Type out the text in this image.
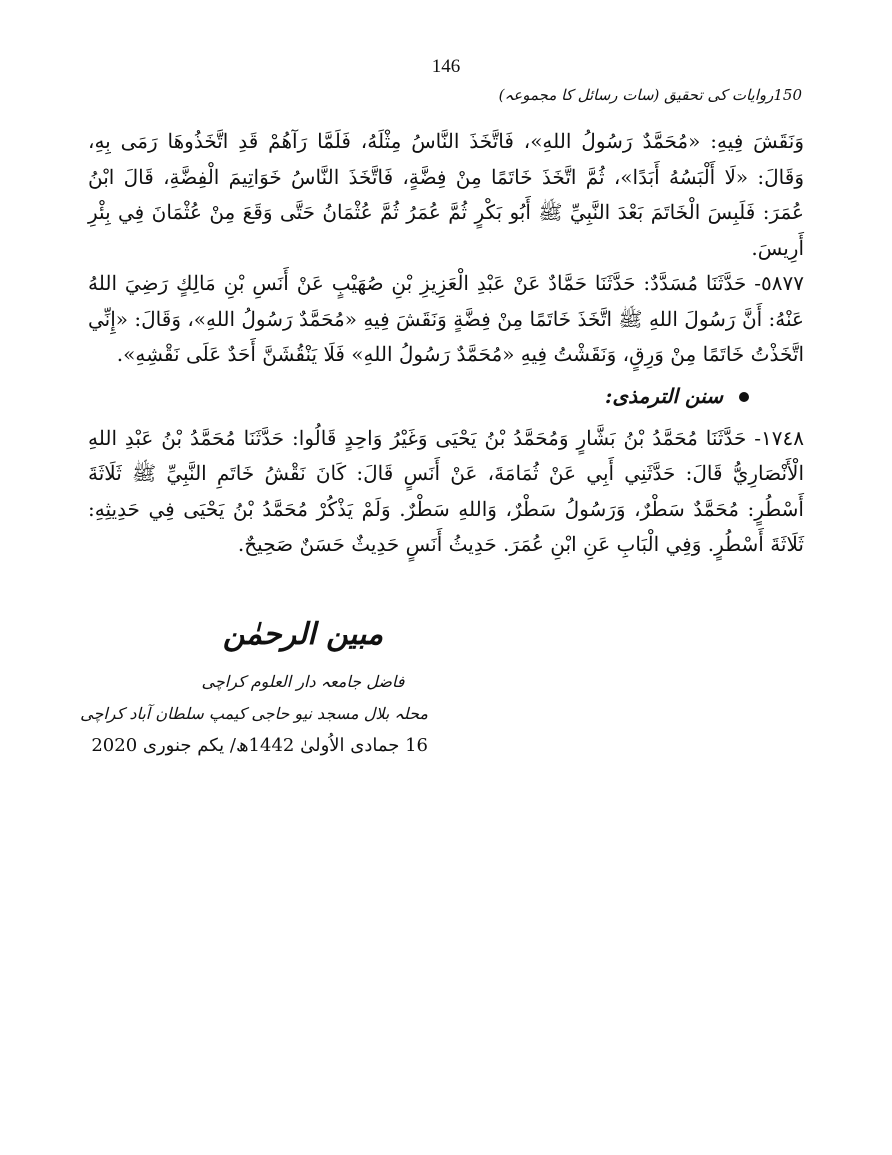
146
150روایات کی تحقیق (سات رسائل کا مجموعہ)

وَنَقَشَ فِيهِ: «مُحَمَّدٌ رَسُولُ اللهِ»، فَاتَّخَذَ النَّاسُ مِثْلَهُ، فَلَمَّا رَآهُمْ قَدِ اتَّخَذُوهَا رَمَى بِهِ، وَقَالَ: «لَا أَلْبَسُهُ أَبَدًا»، ثُمَّ اتَّخَذَ خَاتَمًا مِنْ فِضَّةٍ، فَاتَّخَذَ النَّاسُ خَوَاتِيمَ الْفِضَّةِ، قَالَ ابْنُ عُمَرَ: فَلَبِسَ الْخَاتَمَ بَعْدَ النَّبِيِّ ﷺ أَبُو بَكْرٍ ثُمَّ عُمَرُ ثُمَّ عُثْمَانُ حَتَّى وَقَعَ مِنْ عُثْمَانَ فِي بِئْرِ أَرِيسَ.

٥٨٧٧- حَدَّثَنَا مُسَدَّدٌ: حَدَّثَنَا حَمَّادٌ عَنْ عَبْدِ الْعَزِيزِ بْنِ صُهَيْبٍ عَنْ أَنَسِ بْنِ مَالِكٍ رَضِيَ اللهُ عَنْهُ: أَنَّ رَسُولَ اللهِ ﷺ اتَّخَذَ خَاتَمًا مِنْ فِضَّةٍ وَنَقَشَ فِيهِ «مُحَمَّدٌ رَسُولُ اللهِ»، وَقَالَ: «إِنِّي اتَّخَذْتُ خَاتَمًا مِنْ وَرِقٍ، وَنَقَشْتُ فِيهِ «مُحَمَّدٌ رَسُولُ اللهِ» فَلَا يَنْقُشَنَّ أَحَدٌ عَلَى نَقْشِهِ».

سنن الترمذی:

١٧٤٨- حَدَّثَنَا مُحَمَّدُ بْنُ بَشَّارٍ وَمُحَمَّدُ بْنُ يَحْيَى وَغَيْرُ وَاحِدٍ قَالُوا: حَدَّثَنَا مُحَمَّدُ بْنُ عَبْدِ اللهِ الْأَنْصَارِيُّ قَالَ: حَدَّثَنِي أَبِي عَنْ ثُمَامَةَ، عَنْ أَنَسٍ قَالَ: كَانَ نَقْشُ خَاتَمِ النَّبِيِّ ﷺ ثَلَاثَةَ أَسْطُرٍ: مُحَمَّدٌ سَطْرٌ، وَرَسُولُ سَطْرٌ، وَاللهِ سَطْرٌ. وَلَمْ يَذْكُرْ مُحَمَّدُ بْنُ يَحْيَى فِي حَدِيثِهِ: ثَلَاثَةَ أَسْطُرٍ. وَفِي الْبَابِ عَنِ ابْنِ عُمَرَ. حَدِيثُ أَنَسٍ حَدِيثٌ حَسَنٌ صَحِيحٌ.

مبین الرحمٰن
فاضل جامعہ دار العلوم کراچی
محلہ بلال مسجد نیو حاجی کیمپ سلطان آباد کراچی
16 جمادی الاُولیٰ 1442ھ/ یکم جنوری 2020
